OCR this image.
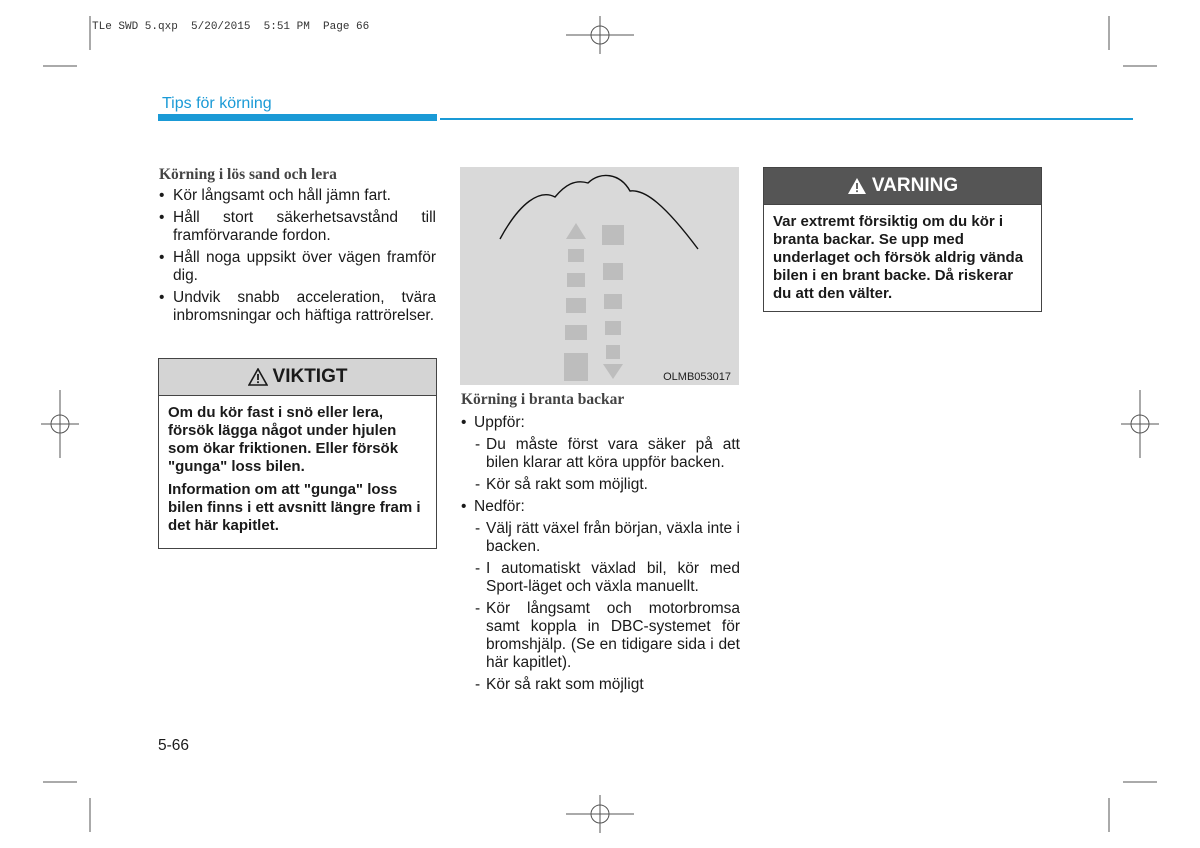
TLe SWD 5.qxp  5/20/2015  5:51 PM  Page 66
Tips för körning
Körning i lös sand och lera
• Kör långsamt och håll jämn fart.
• Håll stort säkerhetsavstånd till framförvarande fordon.
• Håll noga uppsikt över vägen framför dig.
• Undvik snabb acceleration, tvära inbromsningar och häftiga rattrörelser.
VIKTIGT

Om du kör fast i snö eller lera, försök lägga något under hjulen som ökar friktionen. Eller försök "gunga" loss bilen.

Information om att "gunga" loss bilen finns i ett avsnitt längre fram i det här kapitlet.

OLMB053017
Körning i branta backar
• Uppför:
- Du måste först vara säker på att bilen klarar att köra uppför backen.
- Kör så rakt som möjligt.
• Nedför:
- Välj rätt växel från början, växla inte i backen.
- I automatiskt växlad bil, kör med Sport-läget och växla manuellt.
- Kör långsamt och motorbromsa samt koppla in DBC-systemet för bromshjälp. (Se en tidigare sida i det här kapitlet).
- Kör så rakt som möjligt
VARNING

Var extremt försiktig om du kör i branta backar. Se upp med underlaget och försök aldrig vända bilen i en brant backe. Då riskerar du att den välter.

5-66
